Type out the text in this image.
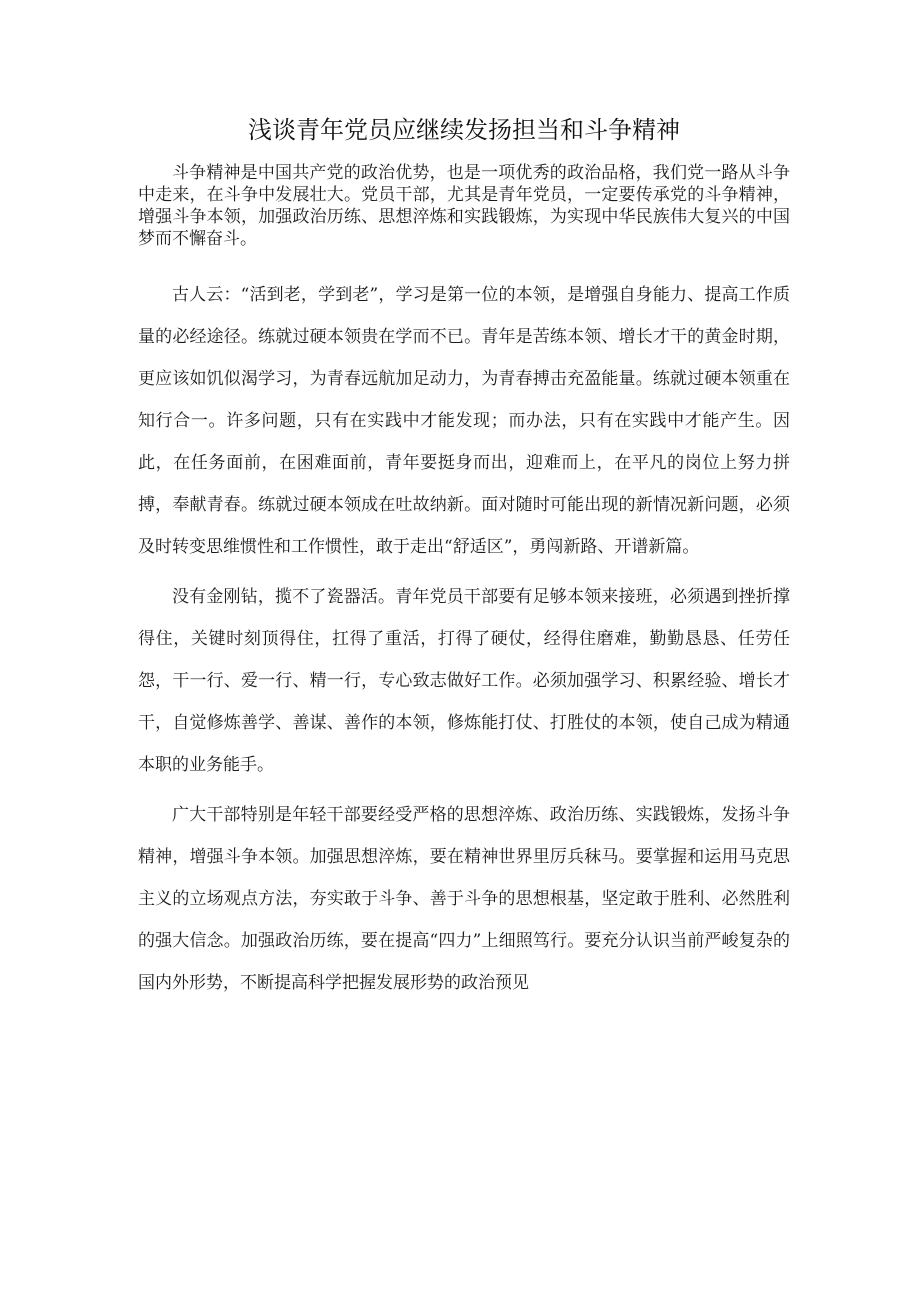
浅谈青年党员应继续发扬担当和斗争精神

斗争精神是中国共产党的政治优势，也是一项优秀的政治品格，我们党一路从斗争中走来，在斗争中发展壮大。党员干部，尤其是青年党员，一定要传承党的斗争精神，增强斗争本领，加强政治历练、思想淬炼和实践锻炼，为实现中华民族伟大复兴的中国梦而不懈奋斗。

古人云：“活到老，学到老”，学习是第一位的本领，是增强自身能力、提高工作质量的必经途径。练就过硬本领贵在学而不已。青年是苦练本领、增长才干的黄金时期，更应该如饥似渴学习，为青春远航加足动力，为青春搏击充盈能量。练就过硬本领重在知行合一。许多问题，只有在实践中才能发现；而办法，只有在实践中才能产生。因此，在任务面前，在困难面前，青年要挺身而出，迎难而上，在平凡的岗位上努力拼搏，奉献青春。练就过硬本领成在吐故纳新。面对随时可能出现的新情况新问题，必须及时转变思维惯性和工作惯性，敢于走出“舒适区”，勇闯新路、开谱新篇。

没有金刚钻，揽不了瓷器活。青年党员干部要有足够本领来接班，必须遇到挫折撑得住，关键时刻顶得住，扛得了重活，打得了硬仗，经得住磨难，勤勤恳恳、任劳任怨，干一行、爱一行、精一行，专心致志做好工作。必须加强学习、积累经验、增长才干，自觉修炼善学、善谋、善作的本领，修炼能打仗、打胜仗的本领，使自己成为精通本职的业务能手。

广大干部特别是年轻干部要经受严格的思想淬炼、政治历练、实践锻炼，发扬斗争精神，增强斗争本领。加强思想淬炼，要在精神世界里厉兵秣马。要掌握和运用马克思主义的立场观点方法，夯实敢于斗争、善于斗争的思想根基，坚定敢于胜利、必然胜利的强大信念。加强政治历练，要在提高“四力”上细照笃行。要充分认识当前严峻复杂的国内外形势，不断提高科学把握发展形势的政治预见
